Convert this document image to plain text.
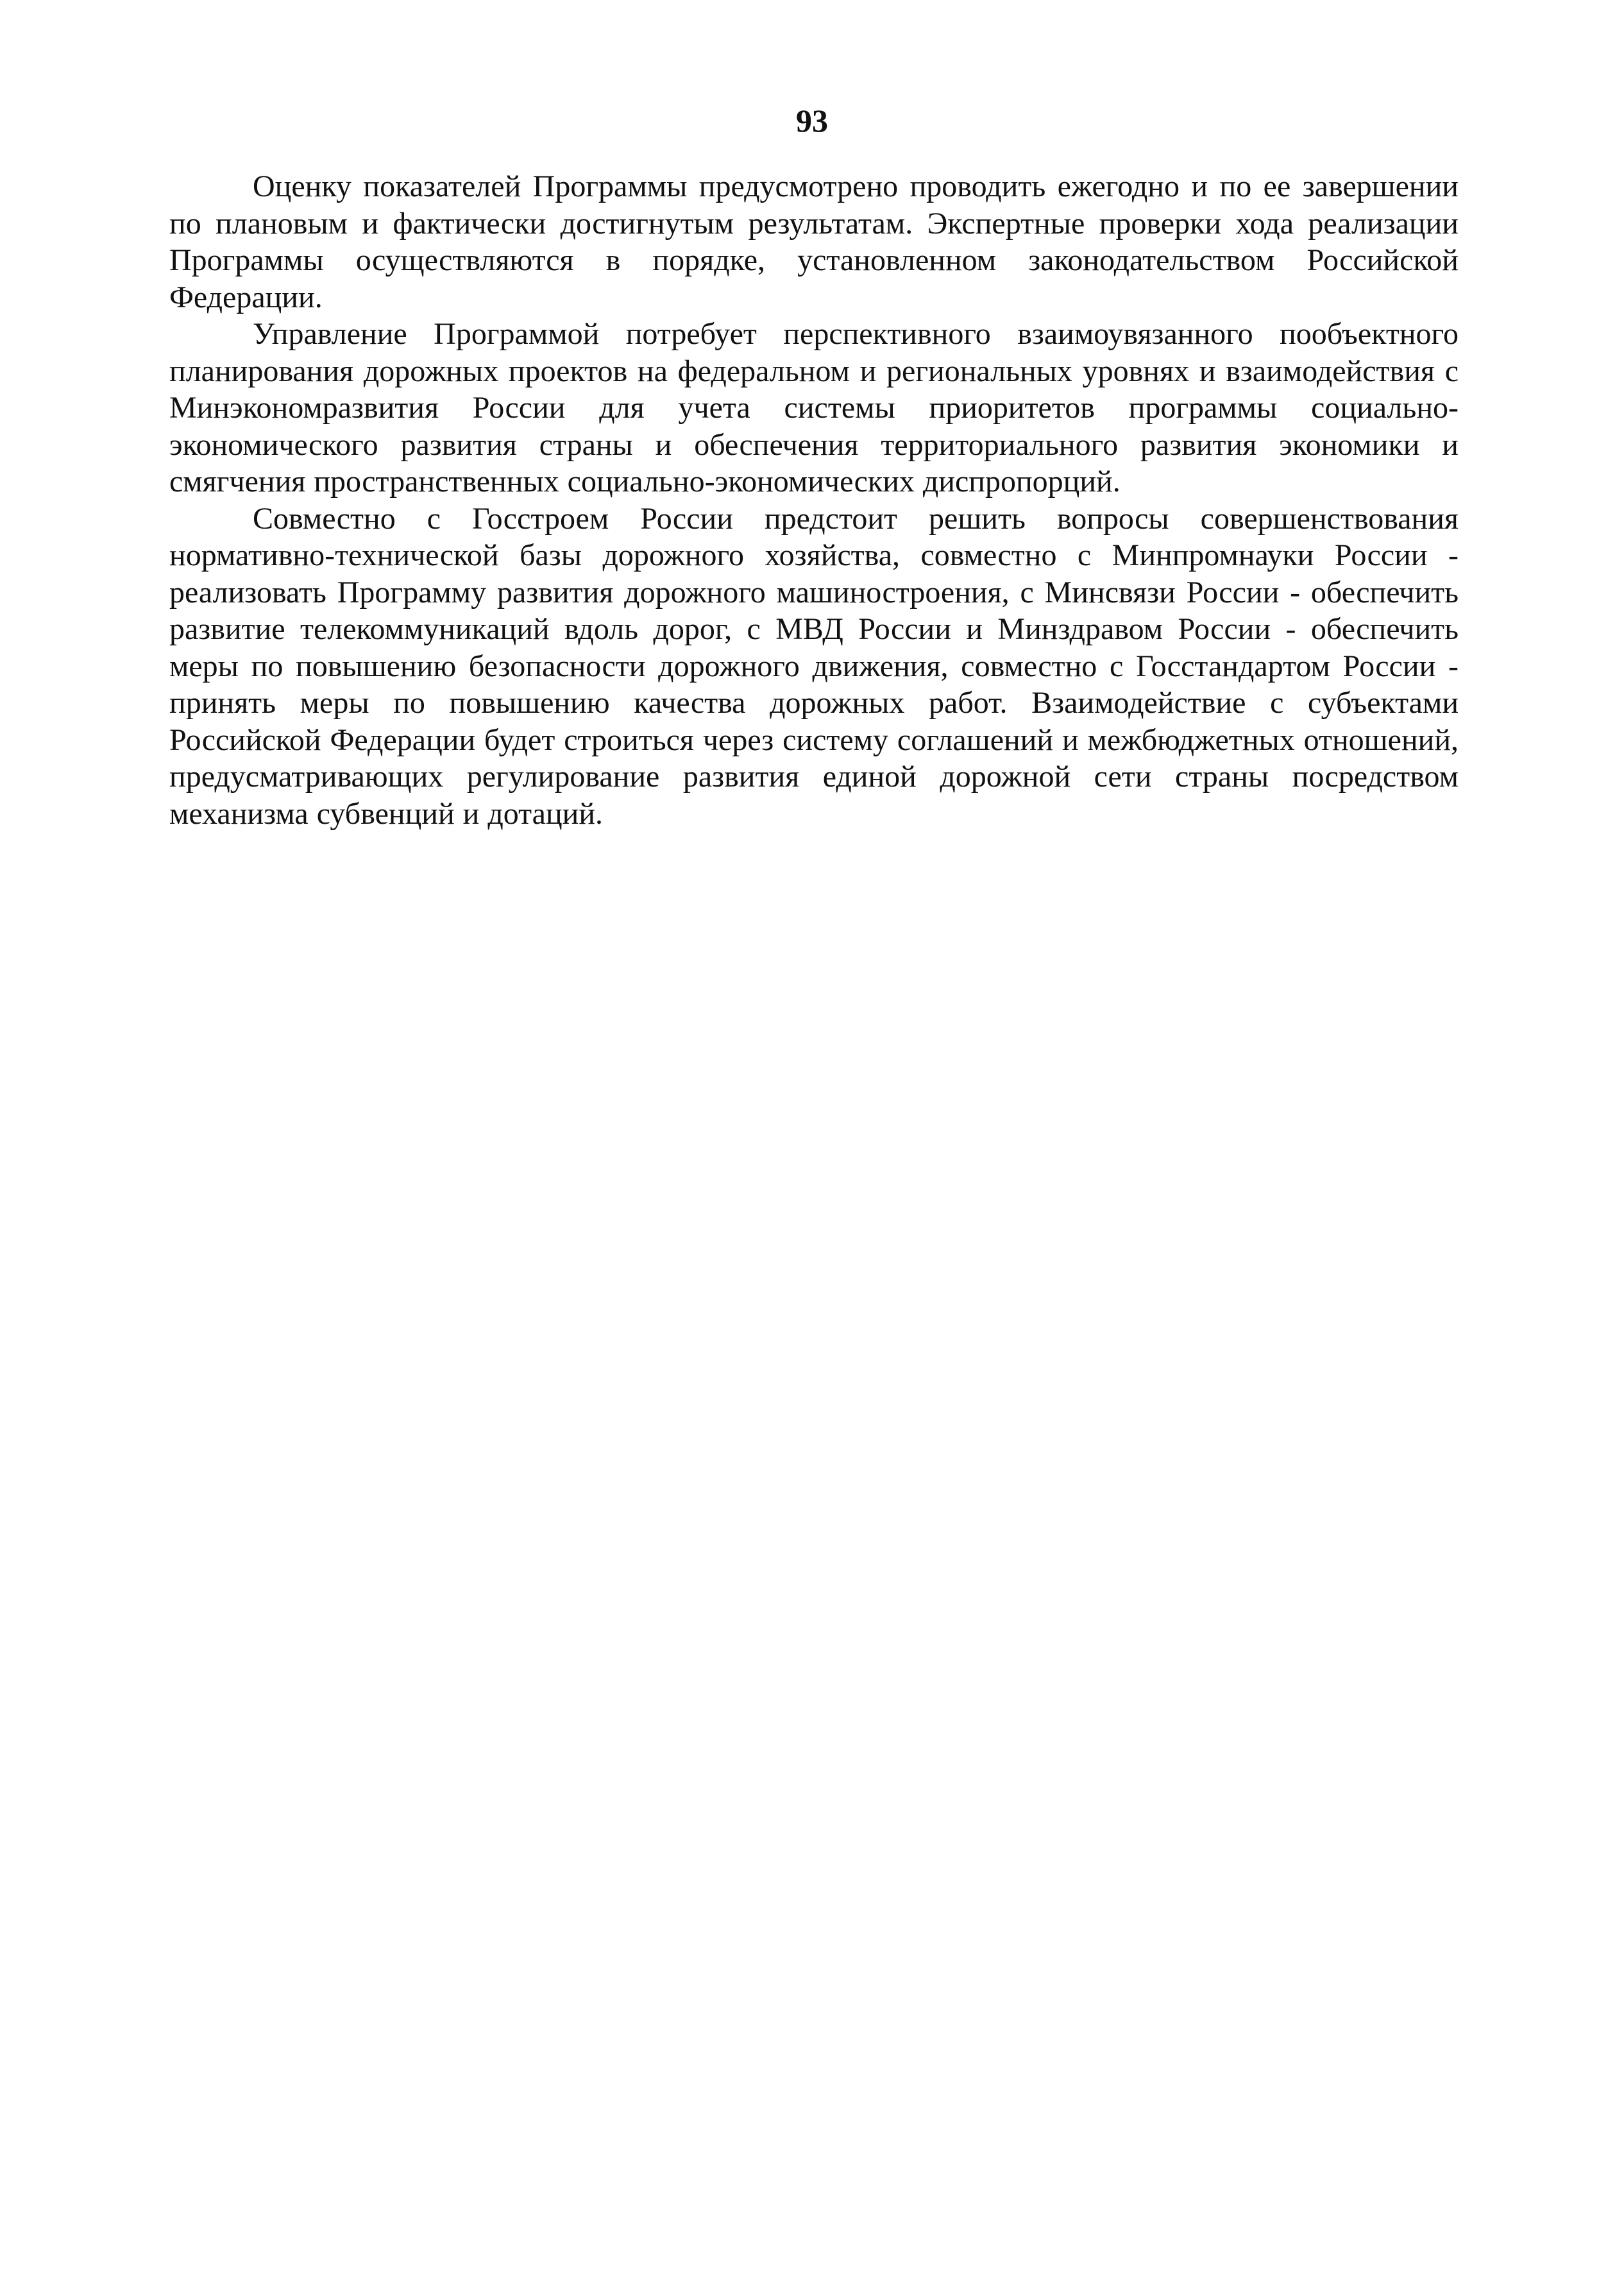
93

Оценку показателей Программы предусмотрено проводить ежегодно и по ее завершении по плановым и фактически достигнутым результатам. Экспертные проверки хода реализации Программы осуществляются в порядке, установленном законодательством Российской Федерации.

Управление Программой потребует перспективного взаимоувязанного пообъектного планирования дорожных проектов на федеральном и региональных уровнях и взаимодействия с Минэкономразвития России для учета системы приоритетов программы социально-экономического развития страны и обеспечения территориального развития экономики и смягчения пространственных социально-экономических диспропорций.

Совместно с Госстроем России предстоит решить вопросы совершенствования нормативно-технической базы дорожного хозяйства, совместно с Минпромнауки России - реализовать Программу развития дорожного машиностроения, с Минсвязи России - обеспечить развитие телекоммуникаций вдоль дорог, с МВД России и Минздравом России - обеспечить меры по повышению безопасности дорожного движения, совместно с Госстандартом России - принять меры по повышению качества дорожных работ. Взаимодействие с субъектами Российской Федерации будет строиться через систему соглашений и межбюджетных отношений, предусматривающих регулирование развития единой дорожной сети страны посредством механизма субвенций и дотаций.
